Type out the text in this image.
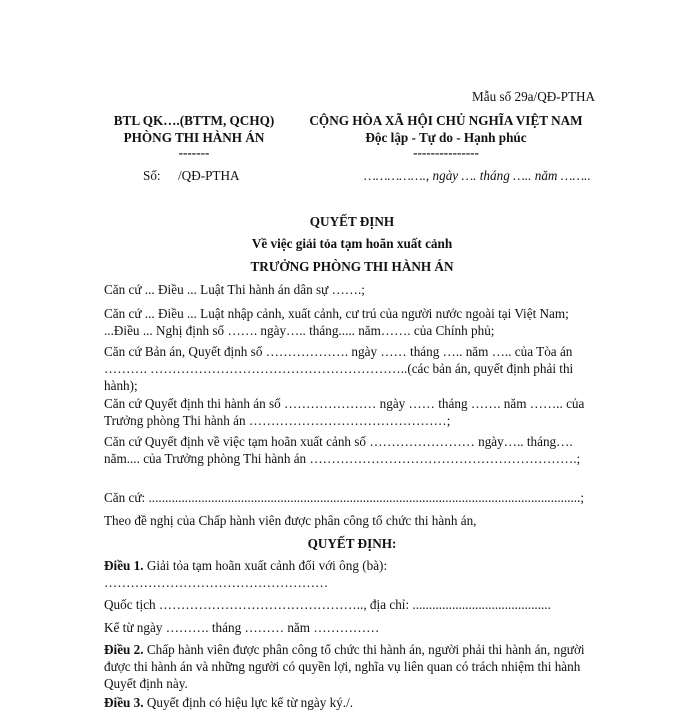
Mẫu số 29a/QĐ-PTHA
BTL QK….(BTTM, QCHQ)
PHÒNG THI HÀNH ÁN
-------
Số: /QĐ-PTHA
CỘNG HÒA XÃ HỘI CHỦ NGHĨA VIỆT NAM
Độc lập - Tự do - Hạnh phúc
---------------
……………., ngày …. tháng ….. năm ……..
QUYẾT ĐỊNH
Về việc giải tỏa tạm hoãn xuất cảnh
TRƯỞNG PHÒNG THI HÀNH ÁN
Căn cứ ... Điều ... Luật Thi hành án dân sự …….;
Căn cứ ... Điều ... Luật nhập cảnh, xuất cảnh, cư trú của người nước ngoài tại Việt Nam; ...Điều ... Nghị định số ……. ngày….. tháng..... năm……. của Chính phủ;
Căn cứ Bản án, Quyết định số ………………. ngày …… tháng ….. năm ….. của Tòa án ………. …………………………………………………..(các bản án, quyết định phải thi hành);
Căn cứ Quyết định thi hành án số ………………… ngày …… tháng ……. năm …….. của Trưởng phòng Thi hành án ………………………………………;
Căn cứ Quyết định về việc tạm hoãn xuất cảnh số …………………… ngày….. tháng…. năm.... của Trưởng phòng Thi hành án …………………………………………………….;
Căn cứ: ...................................................................................................................................;
Theo đề nghị của Chấp hành viên được phân công tổ chức thi hành án,
QUYẾT ĐỊNH:
Điều 1. Giải tỏa tạm hoãn xuất cảnh đối với ông (bà): ……………………………………………
Quốc tịch ……………………………………….., địa chỉ: ..........................................
Kể từ ngày ………. tháng ……… năm ……………
Điều 2. Chấp hành viên được phân công tổ chức thi hành án, người phải thi hành án, người được thi hành án và những người có quyền lợi, nghĩa vụ liên quan có trách nhiệm thi hành Quyết định này.
Điều 3. Quyết định có hiệu lực kể từ ngày ký./.
